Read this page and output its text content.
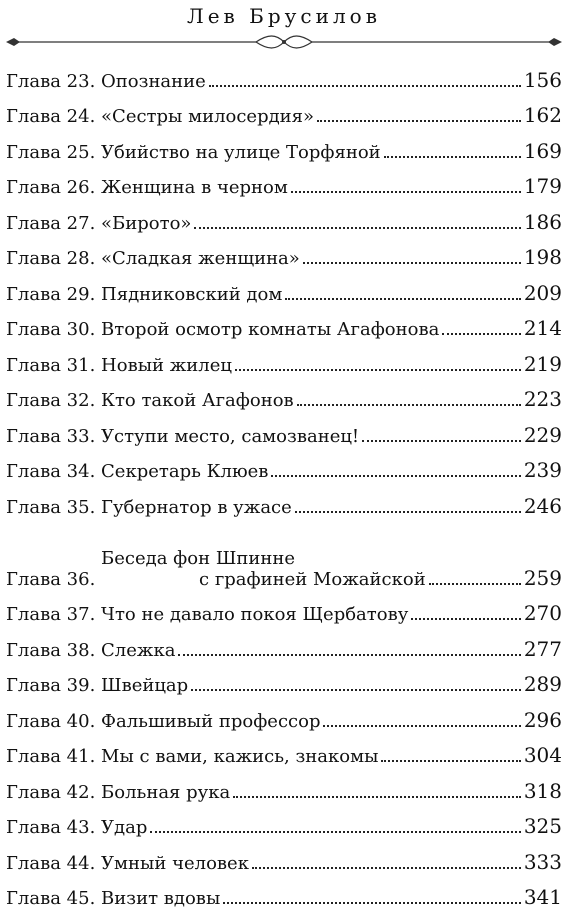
Лев Брусилов
Глава 23.
Опознание	156
Глава 24.
«Сестры милосердия»	162
Глава 25.
Убийство на улице Торфяной	169
Глава 26.
Женщина в черном	179
Глава 27.
«Бирото»	186
Глава 28.
«Сладкая женщина»	198
Глава 29.
Пядниковский дом	209
Глава 30.
Второй осмотр комнаты Агафонова	214
Глава 31.
Новый жилец	219
Глава 32.
Кто такой Агафонов	223
Глава 33.
Уступи место, самозванец!	229
Глава 34.
Секретарь Клюев	239
Глава 35.
Губернатор в ужасе	246
Глава 36.

Беседа фон Шпинне
с графиней Можайской	259
Глава 37.
Что не давало покоя Щербатову	270
Глава 38.
Слежка	277
Глава 39.
Швейцар	289
Глава 40.
Фальшивый профессор	296
Глава 41.
Мы с вами, кажись, знакомы	304
Глава 42.
Больная рука	318
Глава 43.
Удар	325
Глава 44.
Умный человек	333
Глава 45.
Визит вдовы	341
